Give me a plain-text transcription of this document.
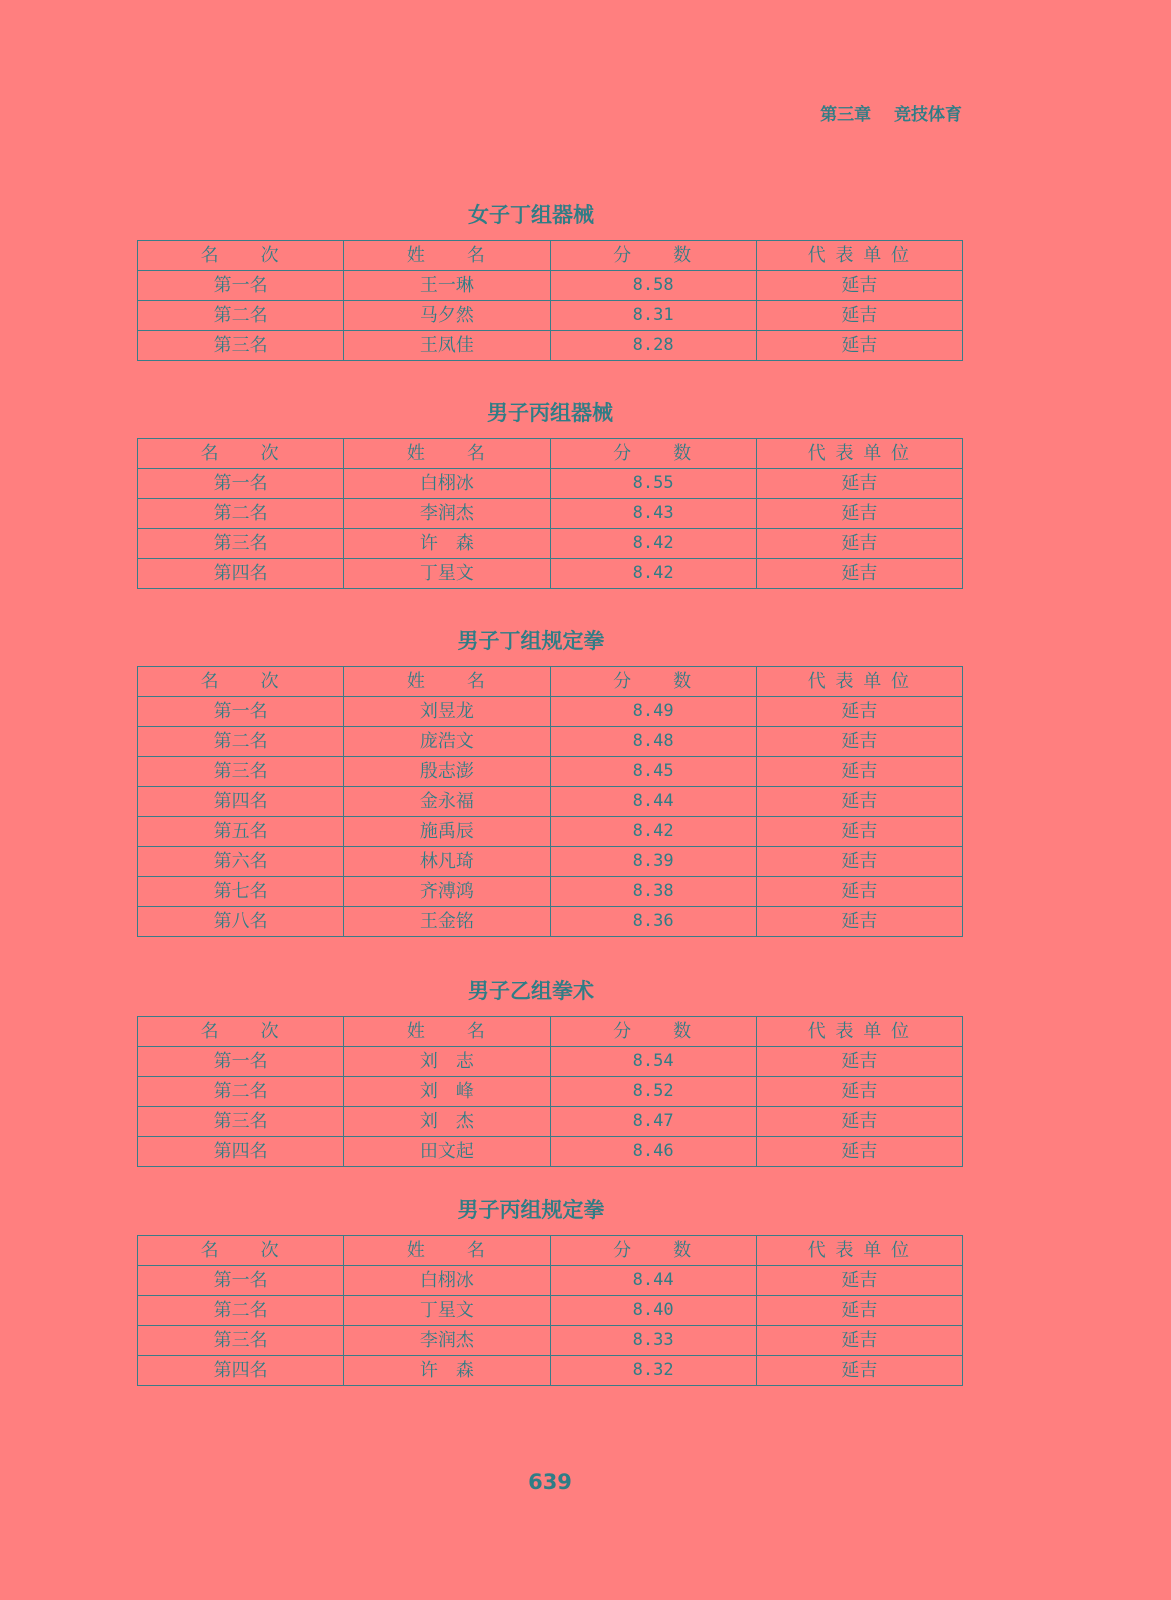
第三章　 竞技体育
女子丁组器械
名　　次	姓　　名	分　　数	代 表 单 位
第一名	王一琳	8.58	延吉
第二名	马夕然	8.31	延吉
第三名	王凤佳	8.28	延吉
男子丙组器械
名　　次	姓　　名	分　　数	代 表 单 位
第一名	白栩冰	8.55	延吉
第二名	李润杰	8.43	延吉
第三名	许　森	8.42	延吉
第四名	丁星文	8.42	延吉
男子丁组规定拳
名　　次	姓　　名	分　　数	代 表 单 位
第一名	刘昱龙	8.49	延吉
第二名	庞浩文	8.48	延吉
第三名	殷志澎	8.45	延吉
第四名	金永福	8.44	延吉
第五名	施禹辰	8.42	延吉
第六名	林凡琦	8.39	延吉
第七名	齐溥鸿	8.38	延吉
第八名	王金铭	8.36	延吉
男子乙组拳术
名　　次	姓　　名	分　　数	代 表 单 位
第一名	刘　志	8.54	延吉
第二名	刘　峰	8.52	延吉
第三名	刘　杰	8.47	延吉
第四名	田文起	8.46	延吉
男子丙组规定拳
名　　次	姓　　名	分　　数	代 表 单 位
第一名	白栩冰	8.44	延吉
第二名	丁星文	8.40	延吉
第三名	李润杰	8.33	延吉
第四名	许　森	8.32	延吉
639
